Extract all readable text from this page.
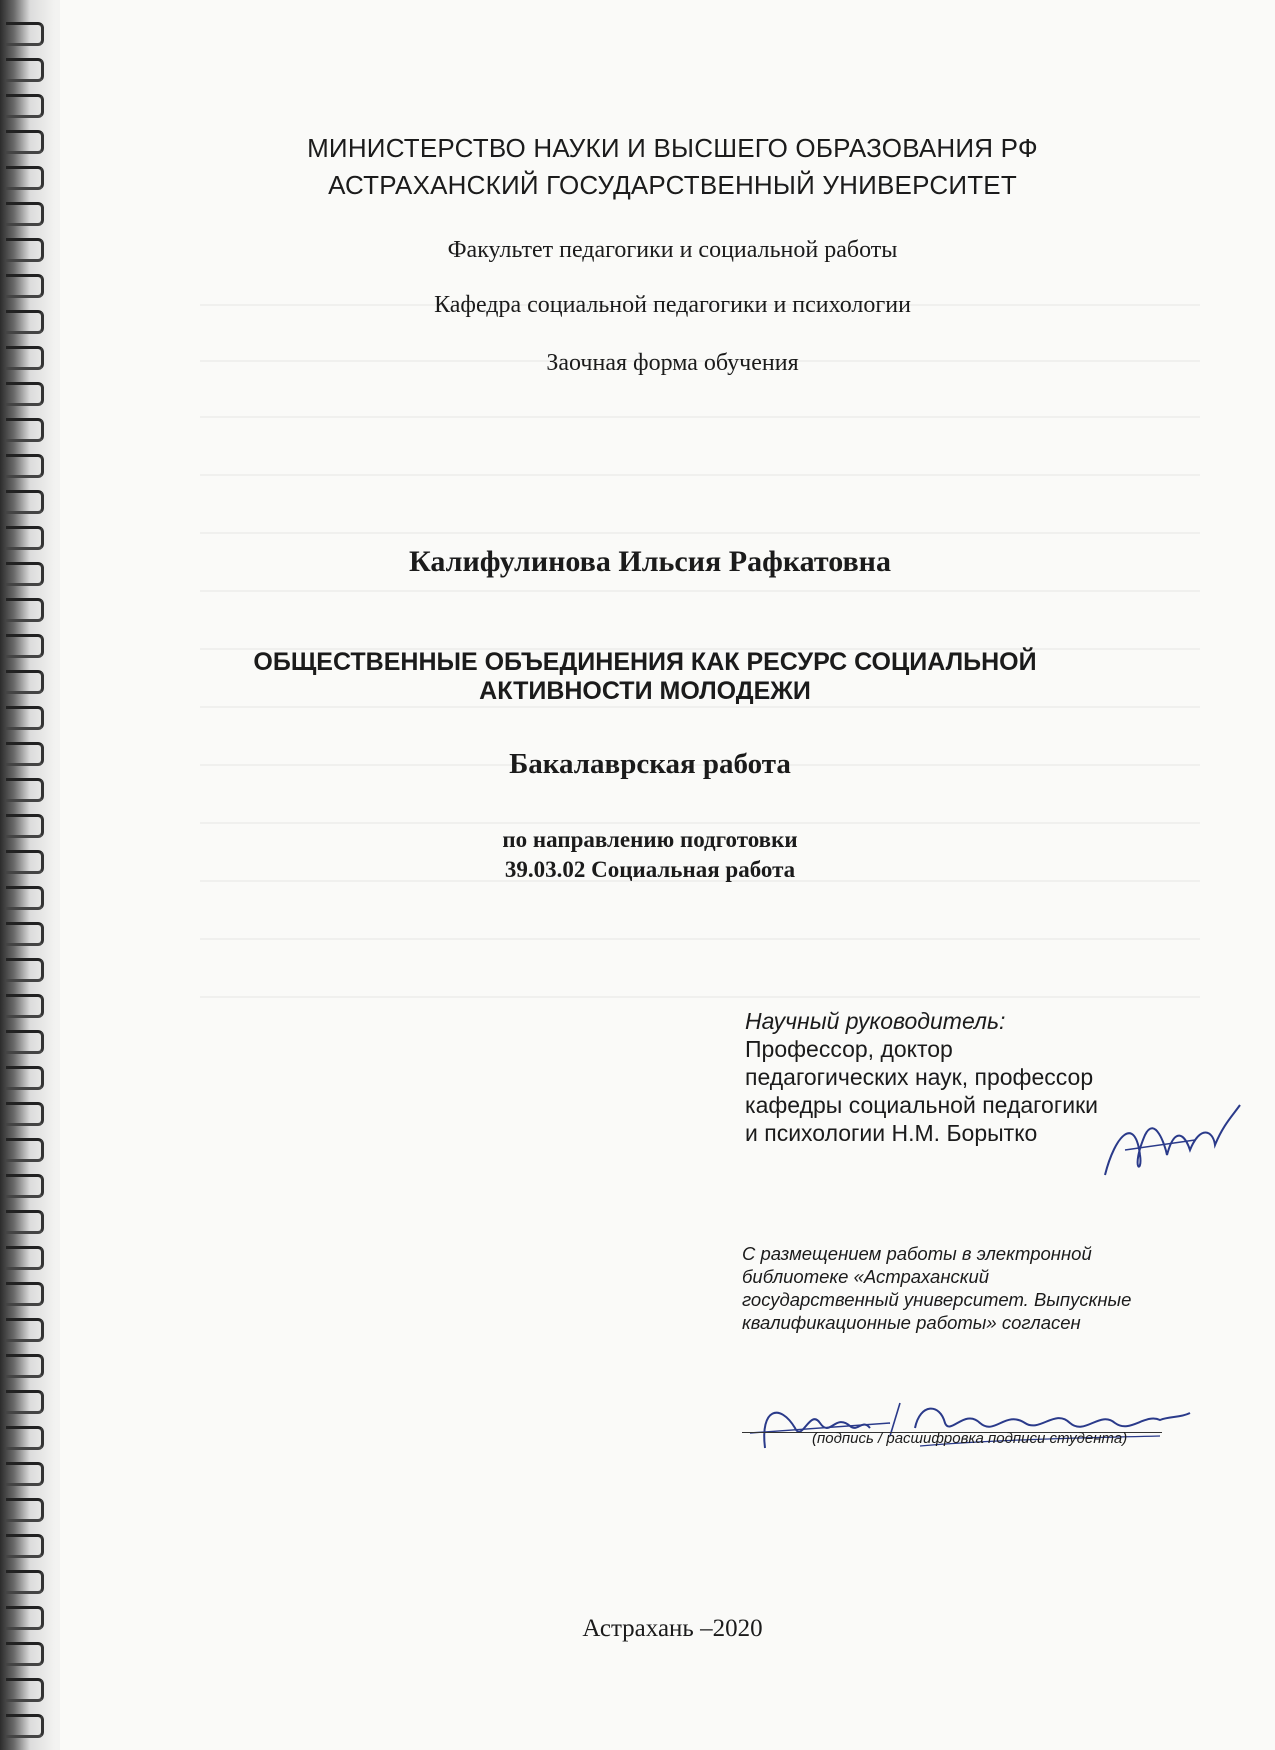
МИНИСТЕРСТВО НАУКИ И ВЫСШЕГО ОБРАЗОВАНИЯ РФ
АСТРАХАНСКИЙ ГОСУДАРСТВЕННЫЙ УНИВЕРСИТЕТ
Факультет педагогики и социальной работы
Кафедра социальной педагогики и психологии
Заочная форма обучения
Калифулинова Ильсия Рафкатовна
ОБЩЕСТВЕННЫЕ ОБЪЕДИНЕНИЯ КАК РЕСУРС СОЦИАЛЬНОЙ
АКТИВНОСТИ МОЛОДЕЖИ
Бакалаврская работа
по направлению подготовки
39.03.02 Социальная работа
Научный руководитель:
Профессор, доктор
педагогических наук, профессор
кафедры социальной педагогики
и психологии Н.М. Борытко
С размещением работы в электронной
библиотеке «Астраханский
государственный университет. Выпускные
квалификационные работы» согласен
(подпись / расшифровка подписи студента)
Астрахань –2020
